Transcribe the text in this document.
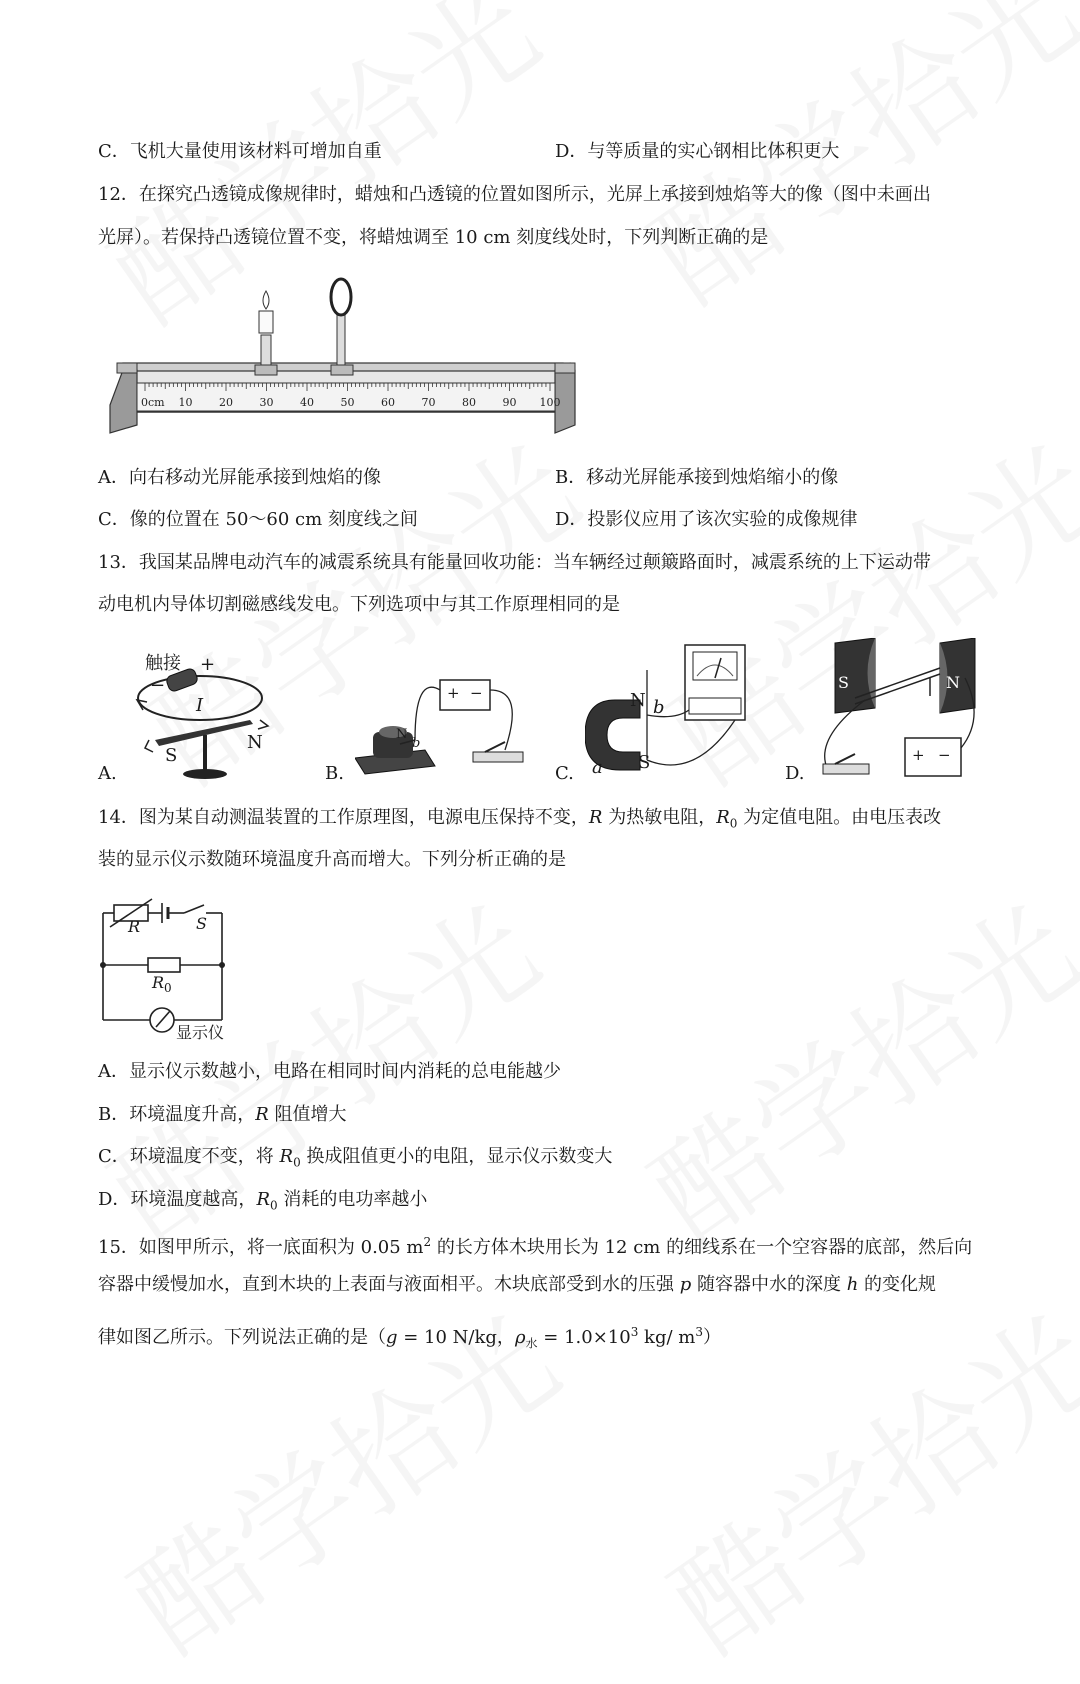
C．飞机大量使用该材料可增加自重	D．与等质量的实心钢相比体积更大
12．在探究凸透镜成像规律时，蜡烛和凸透镜的位置如图所示，光屏上承接到烛焰等大的像（图中未画出
光屏）。若保持凸透镜位置不变，将蜡烛调至 10 cm 刻度线处时，下列判断正确的是
0cm 10 20 30 40 50 60 70 80 90 100
A．向右移动光屏能承接到烛焰的像	B．移动光屏能承接到烛焰缩小的像
C．像的位置在 50～60 cm 刻度线之间	D．投影仪应用了该次实验的成像规律
13．我国某品牌电动汽车的减震系统具有能量回收功能：当车辆经过颠簸路面时，减震系统的上下运动带
动电机内导体切割磁感线发电。下列选项中与其工作原理相同的是
触接 +
−
I
S
N
A.
+ −
N
b
B.
N b
a S
C.
S	N
+ −
D.
14．图为某自动测温装置的工作原理图，电源电压保持不变，R 为热敏电阻，$R_0$ 为定值电阻。由电压表改
装的显示仪示数随环境温度升高而增大。下列分析正确的是
R	S
$R_0$
显示仪
A．显示仪示数越小，电路在相同时间内消耗的总电能越少
B．环境温度升高，R 阻值增大
C．环境温度不变，将 $R_0$ 换成阻值更小的电阻，显示仪示数变大
D．环境温度越高，$R_0$ 消耗的电功率越小
15．如图甲所示，将一底面积为 0.05 $m^2$ 的长方体木块用长为 12 cm 的细线系在一个空容器的底部，然后向
容器中缓慢加水，直到木块的上表面与液面相平。木块底部受到水的压强 p 随容器中水的深度 h 的变化规
律如图乙所示。下列说法正确的是（g = 10 N/kg，$\rho_水 = 1.0\times 10^3$ kg/ $m^3$）
